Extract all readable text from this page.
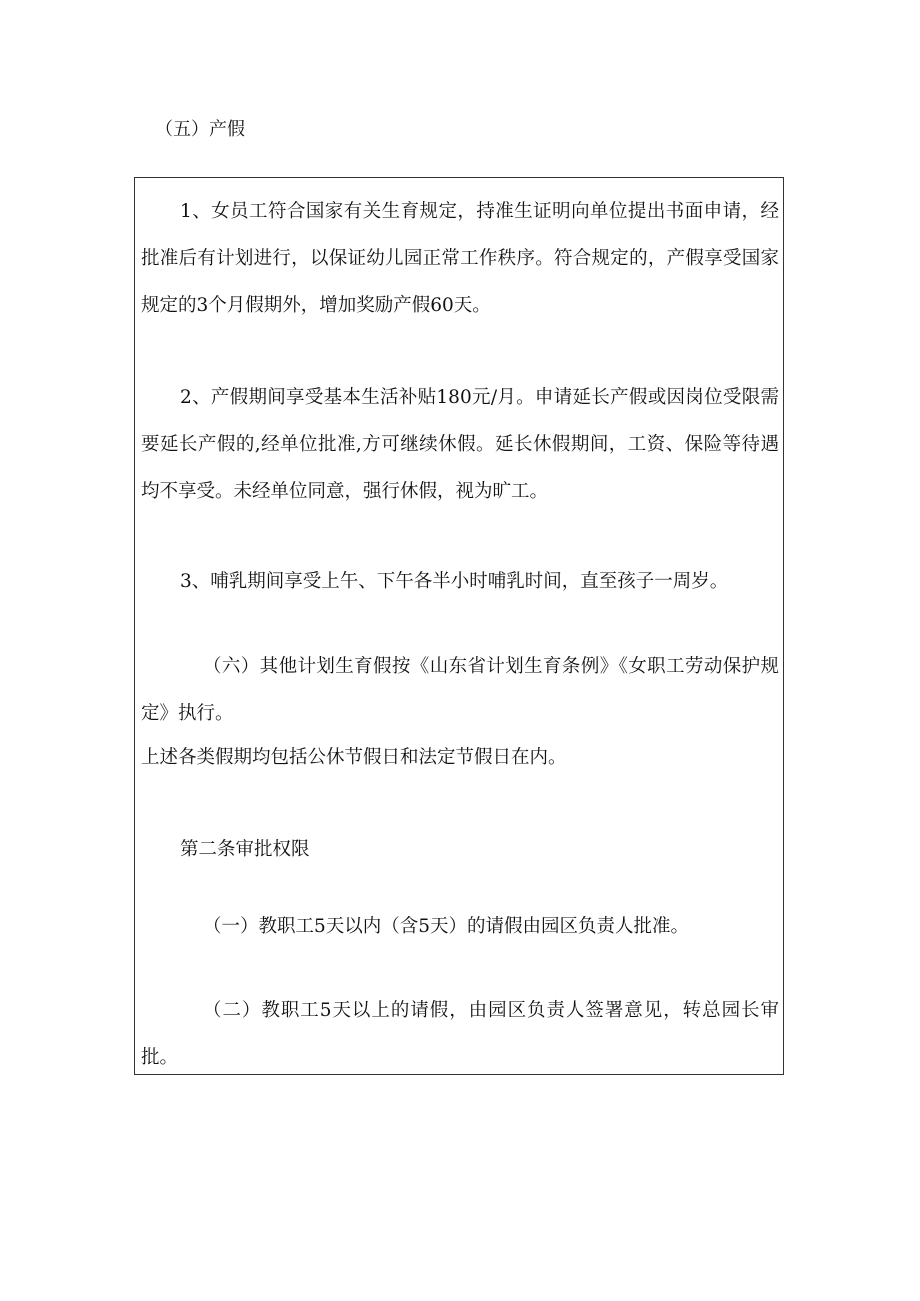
（五）产假

1、女员工符合国家有关生育规定，持准生证明向单位提出书面申请，经批准后有计划进行，以保证幼儿园正常工作秩序。符合规定的，产假享受国家规定的3个月假期外，增加奖励产假60天。

2、产假期间享受基本生活补贴180元/月。申请延长产假或因岗位受限需要延长产假的,经单位批准,方可继续休假。延长休假期间，工资、保险等待遇均不享受。未经单位同意，强行休假，视为旷工。

3、哺乳期间享受上午、下午各半小时哺乳时间，直至孩子一周岁。

（六）其他计划生育假按《山东省计划生育条例》《女职工劳动保护规定》执行。

上述各类假期均包括公休节假日和法定节假日在内。

第二条审批权限

（一）教职工5天以内（含5天）的请假由园区负责人批准。

（二）教职工5天以上的请假，由园区负责人签署意见，转总园长审批。
